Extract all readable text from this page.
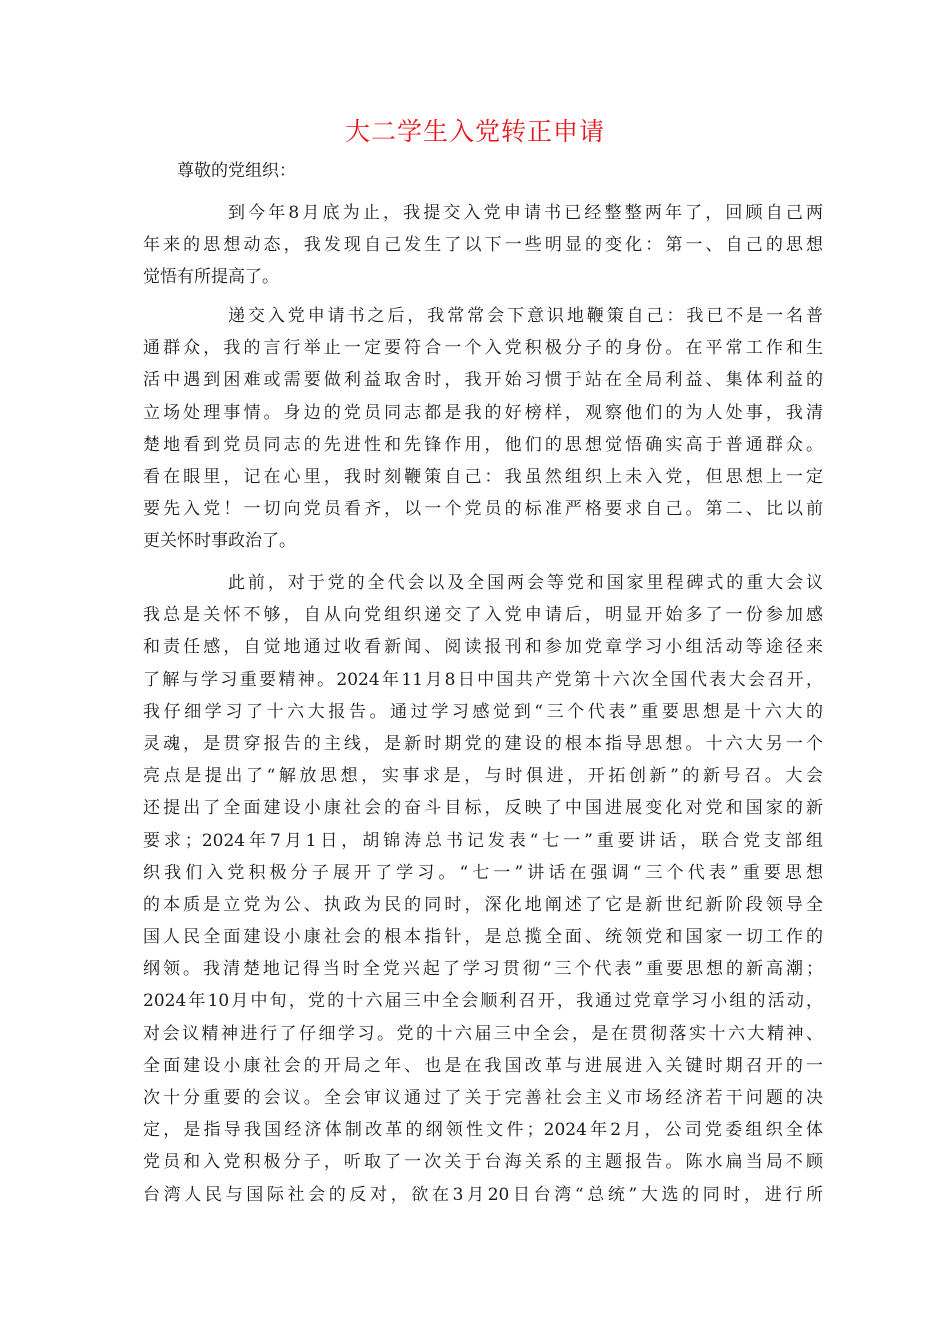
大二学生入党转正申请
尊敬的党组织：

到今年8月底为止，我提交入党申请书已经整整两年了，回顾自己两
年来的思想动态，我发现自己发生了以下一些明显的变化：第一、自己的思想
觉悟有所提高了。

递交入党申请书之后，我常常会下意识地鞭策自己：我已不是一名普
通群众，我的言行举止一定要符合一个入党积极分子的身份。在平常工作和生
活中遇到困难或需要做利益取舍时，我开始习惯于站在全局利益、集体利益的
立场处理事情。身边的党员同志都是我的好榜样，观察他们的为人处事，我清
楚地看到党员同志的先进性和先锋作用，他们的思想觉悟确实高于普通群众。
看在眼里，记在心里，我时刻鞭策自己：我虽然组织上未入党，但思想上一定
要先入党！一切向党员看齐，以一个党员的标准严格要求自己。第二、比以前
更关怀时事政治了。

此前，对于党的全代会以及全国两会等党和国家里程碑式的重大会议
我总是关怀不够，自从向党组织递交了入党申请后，明显开始多了一份参加感
和责任感，自觉地通过收看新闻、阅读报刊和参加党章学习小组活动等途径来
了解与学习重要精神。2024年11月8日中国共产党第十六次全国代表大会召开，
我仔细学习了十六大报告。通过学习感觉到“三个代表”重要思想是十六大的
灵魂，是贯穿报告的主线，是新时期党的建设的根本指导思想。十六大另一个
亮点是提出了“解放思想，实事求是，与时俱进，开拓创新”的新号召。大会
还提出了全面建设小康社会的奋斗目标，反映了中国进展变化对党和国家的新
要求；2024年7月1日，胡锦涛总书记发表“七一”重要讲话，联合党支部组
织我们入党积极分子展开了学习。“七一”讲话在强调“三个代表”重要思想
的本质是立党为公、执政为民的同时，深化地阐述了它是新世纪新阶段领导全
国人民全面建设小康社会的根本指针，是总揽全面、统领党和国家一切工作的
纲领。我清楚地记得当时全党兴起了学习贯彻“三个代表”重要思想的新高潮；
2024年10月中旬，党的十六届三中全会顺利召开，我通过党章学习小组的活动，
对会议精神进行了仔细学习。党的十六届三中全会，是在贯彻落实十六大精神、
全面建设小康社会的开局之年、也是在我国改革与进展进入关键时期召开的一
次十分重要的会议。全会审议通过了关于完善社会主义市场经济若干问题的决
定，是指导我国经济体制改革的纲领性文件；2024年2月，公司党委组织全体
党员和入党积极分子，听取了一次关于台海关系的主题报告。陈水扁当局不顾
台湾人民与国际社会的反对，欲在3月20日台湾“总统”大选的同时，进行所
